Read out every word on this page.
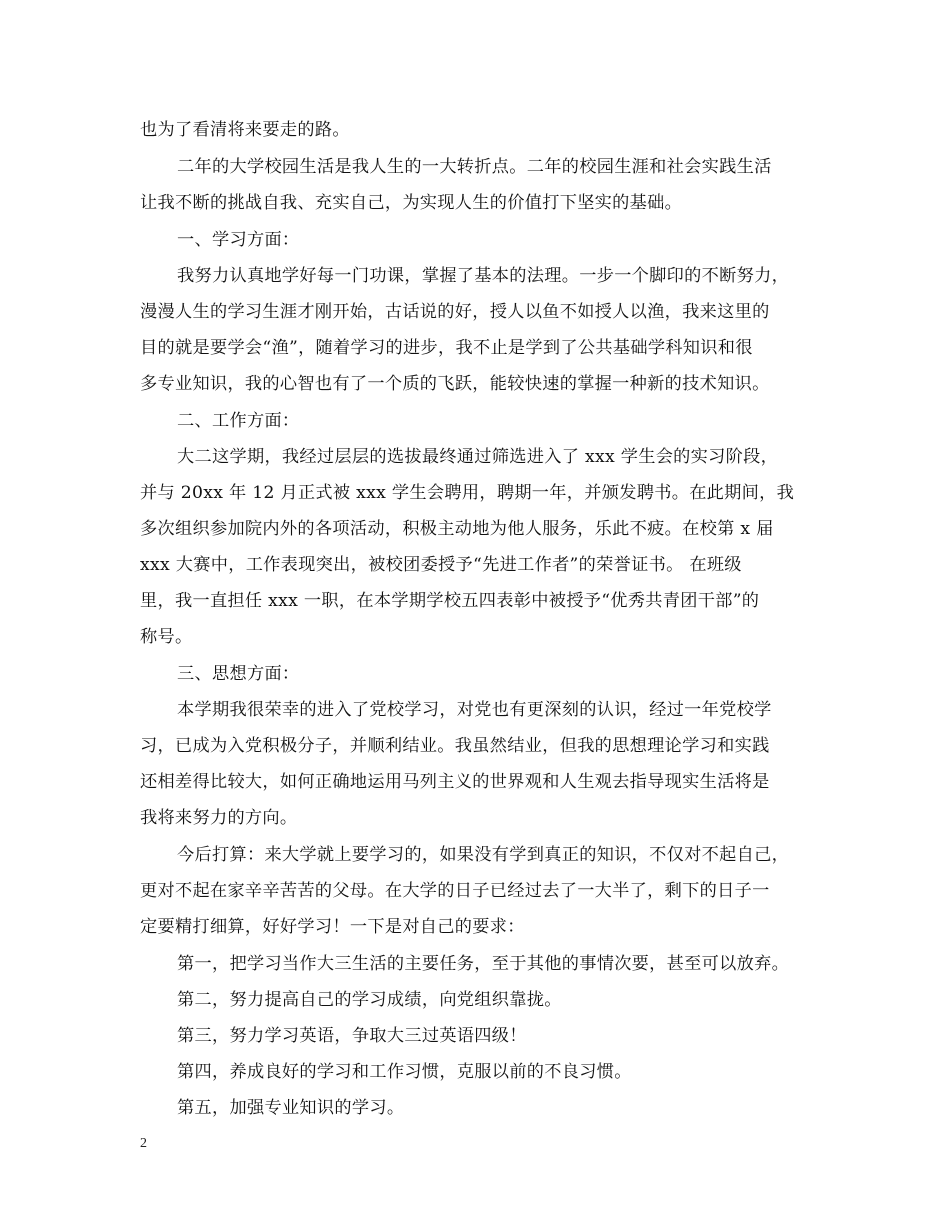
也为了看清将来要走的路。
二年的大学校园生活是我人生的一大转折点。二年的校园生涯和社会实践生活
让我不断的挑战自我、充实自己，为实现人生的价值打下坚实的基础。
一、学习方面：
我努力认真地学好每一门功课，掌握了基本的法理。一步一个脚印的不断努力，
漫漫人生的学习生涯才刚开始，古话说的好，授人以鱼不如授人以渔，我来这里的
目的就是要学会“渔”，随着学习的进步，我不止是学到了公共基础学科知识和很
多专业知识，我的心智也有了一个质的飞跃，能较快速的掌握一种新的技术知识。
二、工作方面：
大二这学期，我经过层层的选拔最终通过筛选进入了 xxx 学生会的实习阶段，
并与 20xx 年 12 月正式被 xxx 学生会聘用，聘期一年，并颁发聘书。在此期间，我
多次组织参加院内外的各项活动，积极主动地为他人服务，乐此不疲。在校第 x 届
xxx 大赛中，工作表现突出，被校团委授予“先进工作者”的荣誉证书。 在班级
里，我一直担任 xxx 一职，在本学期学校五四表彰中被授予“优秀共青团干部”的
称号。
三、思想方面：
本学期我很荣幸的进入了党校学习，对党也有更深刻的认识，经过一年党校学
习，已成为入党积极分子，并顺利结业。我虽然结业，但我的思想理论学习和实践
还相差得比较大，如何正确地运用马列主义的世界观和人生观去指导现实生活将是
我将来努力的方向。
今后打算：来大学就上要学习的，如果没有学到真正的知识，不仅对不起自己，
更对不起在家辛辛苦苦的父母。在大学的日子已经过去了一大半了，剩下的日子一
定要精打细算，好好学习！一下是对自己的要求：
第一，把学习当作大三生活的主要任务，至于其他的事情次要，甚至可以放弃。
第二，努力提高自己的学习成绩，向党组织靠拢。
第三，努力学习英语，争取大三过英语四级！
第四，养成良好的学习和工作习惯，克服以前的不良习惯。
第五，加强专业知识的学习。
2
